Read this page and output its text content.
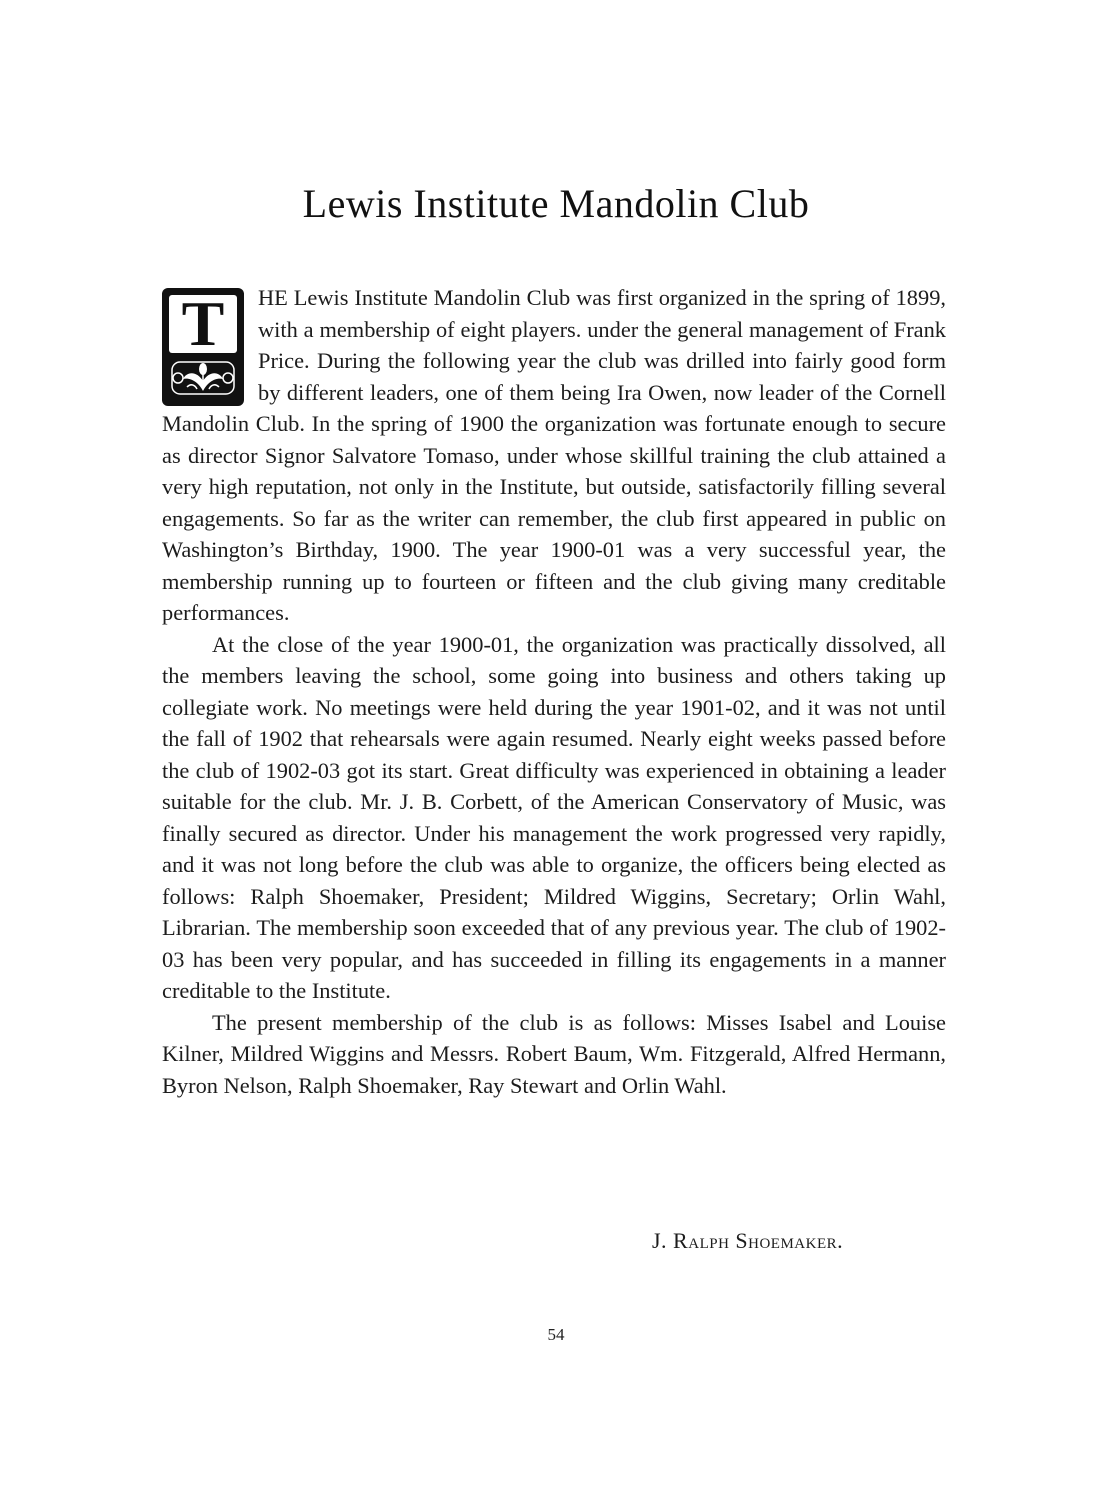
Lewis Institute Mandolin Club

T	HE Lewis Institute Mandolin Club was first organized in the spring of 1899, with a membership of eight players. under the general management of Frank Price. During the following year the club was drilled into fairly good form by different leaders, one of them being Ira Owen, now leader of the Cornell Mandolin Club. In the spring of 1900 the organization was fortunate enough to secure as director Signor Salvatore Tomaso, under whose skillful training the club attained a very high reputation, not only in the Institute, but outside, satisfactorily filling several engagements. So far as the writer can remember, the club first appeared in public on Washington’s Birthday, 1900. The year 1900-01 was a very successful year, the membership running up to fourteen or fifteen and the club giving many creditable performances.

At the close of the year 1900-01, the organization was practically dissolved, all the members leaving the school, some going into business and others taking up collegiate work. No meetings were held during the year 1901-02, and it was not until the fall of 1902 that rehearsals were again resumed. Nearly eight weeks passed before the club of 1902-03 got its start. Great difficulty was experienced in obtaining a leader suitable for the club. Mr. J. B. Corbett, of the American Conservatory of Music, was finally secured as director. Under his management the work progressed very rapidly, and it was not long before the club was able to organize, the officers being elected as follows: Ralph Shoemaker, President; Mildred Wiggins, Secretary; Orlin Wahl, Librarian. The membership soon exceeded that of any previous year. The club of 1902-03 has been very popular, and has succeeded in filling its engagements in a manner creditable to the Institute.

The present membership of the club is as follows: Misses Isabel and Louise Kilner, Mildred Wiggins and Messrs. Robert Baum, Wm. Fitzgerald, Alfred Hermann, Byron Nelson, Ralph Shoemaker, Ray Stewart and Orlin Wahl.

J. Ralph Shoemaker.
54
